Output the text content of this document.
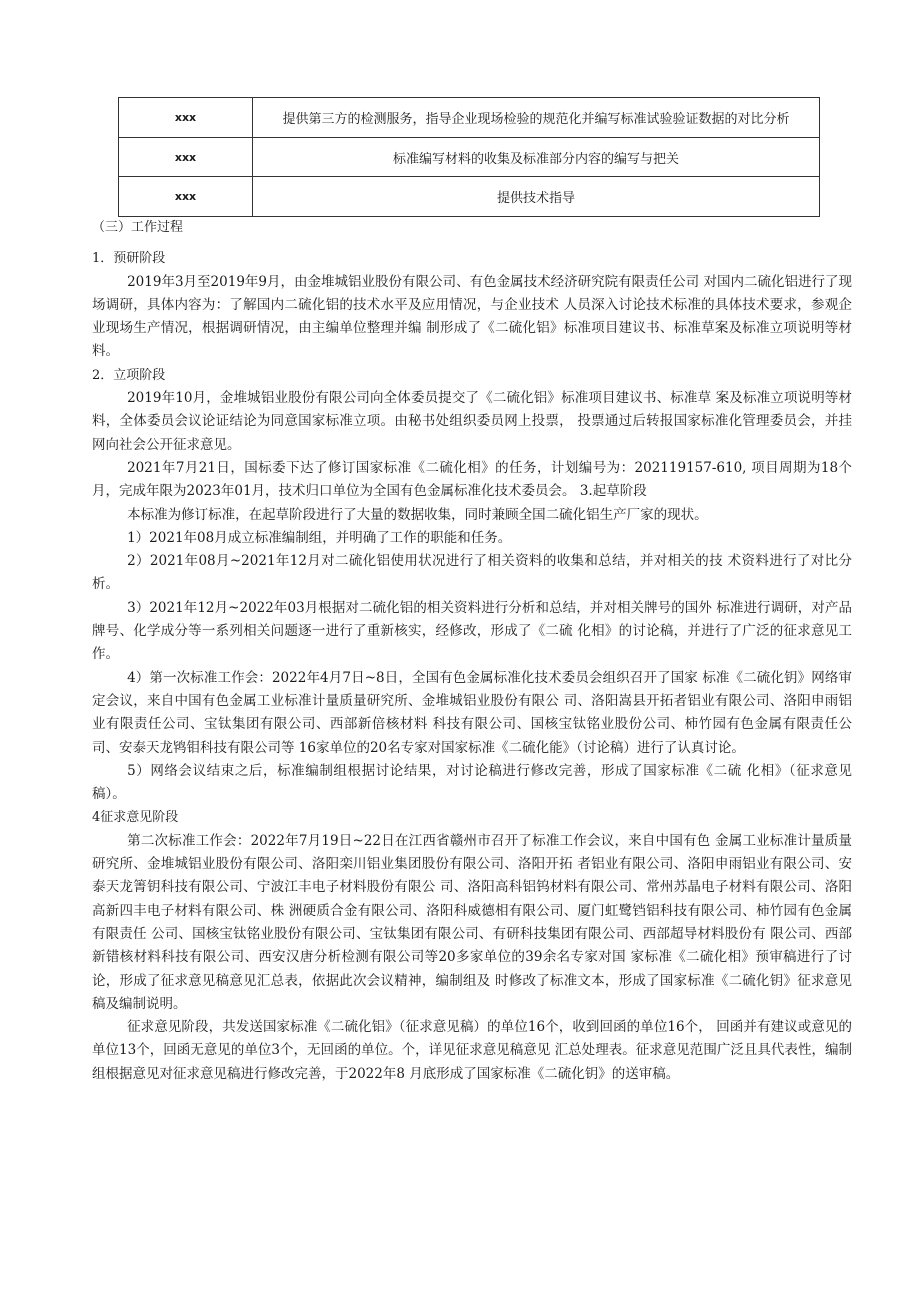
xxx	提供第三方的检测服务，指导企业现场检验的规范化并编写标准试验验证数据的对比分析
xxx	标准编写材料的收集及标准部分内容的编写与把关
xxx	提供技术指导

（三）工作过程

1．预研阶段

2019年3月至2019年9月，由金堆城铝业股份有限公司、有色金属技术经济研究院有限责任公司 对国内二硫化铝进行了现场调研，具体内容为：了解国内二硫化铝的技术水平及应用情况，与企业技术 人员深入讨论技术标准的具体技术要求，参观企业现场生产情况，根据调研情况，由主编单位整理并编 制形成了《二硫化铝》标准项目建议书、标准草案及标准立项说明等材料。

2．立项阶段

2019年10月，金堆城铝业股份有限公司向全体委员提交了《二硫化铝》标准项目建议书、标准草 案及标准立项说明等材料，全体委员会议论证结论为同意国家标准立项。由秘书处组织委员网上投票， 投票通过后转报国家标准化管理委员会，并挂网向社会公开征求意见。

2021年7月21日，国标委下达了修订国家标准《二硫化相》的任务，计划编号为：202119157-610, 项目周期为18个月，完成年限为2023年01月，技术归口单位为全国有色金属标准化技术委员会。 3.起草阶段

本标准为修订标准，在起草阶段进行了大量的数据收集，同时兼顾全国二硫化铝生产厂家的现状。

1）2021年08月成立标准编制组，并明确了工作的职能和任务。

2）2021年08月~2021年12月对二硫化铝使用状况进行了相关资料的收集和总结，并对相关的技 术资料进行了对比分析。

3）2021年12月~2022年03月根据对二硫化铝的相关资料进行分析和总结，并对相关牌号的国外 标准进行调研，对产品牌号、化学成分等一系列相关问题逐一进行了重新核实，经修改，形成了《二硫 化相》的讨论稿，并进行了广泛的征求意见工作。

4）第一次标准工作会：2022年4月7日~8日，全国有色金属标准化技术委员会组织召开了国家 标准《二硫化钥》网络审定会议，来自中国有色金属工业标准计量质量研究所、金堆城铝业股份有限公 司、洛阳嵩县开拓者铝业有限公司、洛阳申雨铝业有限责任公司、宝钛集团有限公司、西部新倍核材料 科技有限公司、国核宝钛铭业股份公司、柿竹园有色金属有限责任公司、安泰天龙鸨钼科技有限公司等 16家单位的20名专家对国家标准《二硫化能》（讨论稿）进行了认真讨论。

5）网络会议结束之后，标准编制组根据讨论结果，对讨论稿进行修改完善，形成了国家标准《二硫 化相》（征求意见稿）。

4征求意见阶段

第二次标准工作会：2022年7月19日~22日在江西省赣州市召开了标准工作会议，来自中国有色 金属工业标准计量质量研究所、金堆城铝业股份有限公司、洛阳栾川铝业集团股份有限公司、洛阳开拓 者铝业有限公司、洛阳申雨铝业有限公司、安泰天龙箐钥科技有限公司、宁波江丰电子材料股份有限公 司、洛阳高科铝钨材料有限公司、常州苏晶电子材料有限公司、洛阳高新四丰电子材料有限公司、株 洲硬质合金有限公司、洛阳科威德相有限公司、厦门虹鹭铛铝科技有限公司、柿竹园有色金属有限责任 公司、国核宝钛铭业股份有限公司、宝钛集团有限公司、有研科技集团有限公司、西部超导材料股份有 限公司、西部新错核材料科技有限公司、西安汉唐分析检测有限公司等20多家单位的39余名专家对国 家标准《二硫化相》预审稿进行了讨论，形成了征求意见稿意见汇总表，依据此次会议精神，编制组及 时修改了标准文本，形成了国家标准《二硫化钥》征求意见稿及编制说明。

征求意见阶段，共发送国家标准《二硫化铝》（征求意见稿）的单位16个，收到回函的单位16个， 回函并有建议或意见的单位13个，回函无意见的单位3个，无回函的单位。个，详见征求意见稿意见 汇总处理表。征求意见范围广泛且具代表性，编制组根据意见对征求意见稿进行修改完善，于2022年8 月底形成了国家标准《二硫化钥》的送审稿。
